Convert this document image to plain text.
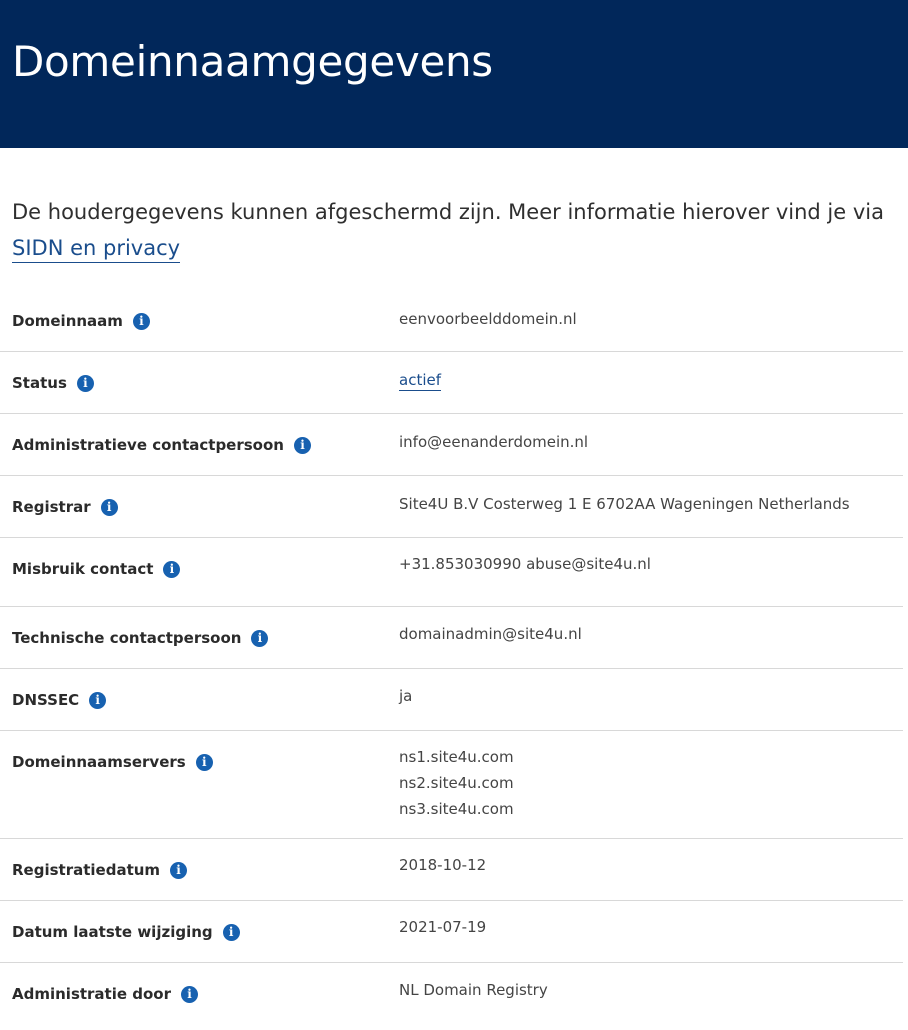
Domeinnaamgegevens

De houdergegevens kunnen afgeschermd zijn. Meer informatie hierover vind je via SIDN en privacy

Domeinnaam	i	eenvoorbeelddomein.nl
Status	i	actief
Administratieve contactpersoon	i	info@eenanderdomein.nl
Registrar	i	Site4U B.V Costerweg 1 E 6702AA Wageningen Netherlands
Misbruik contact	i	+31.853030990 abuse@site4u.nl
Technische contactpersoon	i	domainadmin@site4u.nl
DNSSEC	i	ja
Domeinnaamservers	i	ns1.site4u.com
ns2.site4u.com
ns3.site4u.com
Registratiedatum	i	2018-10-12
Datum laatste wijziging	i	2021-07-19
Administratie door	i	NL Domain Registry
